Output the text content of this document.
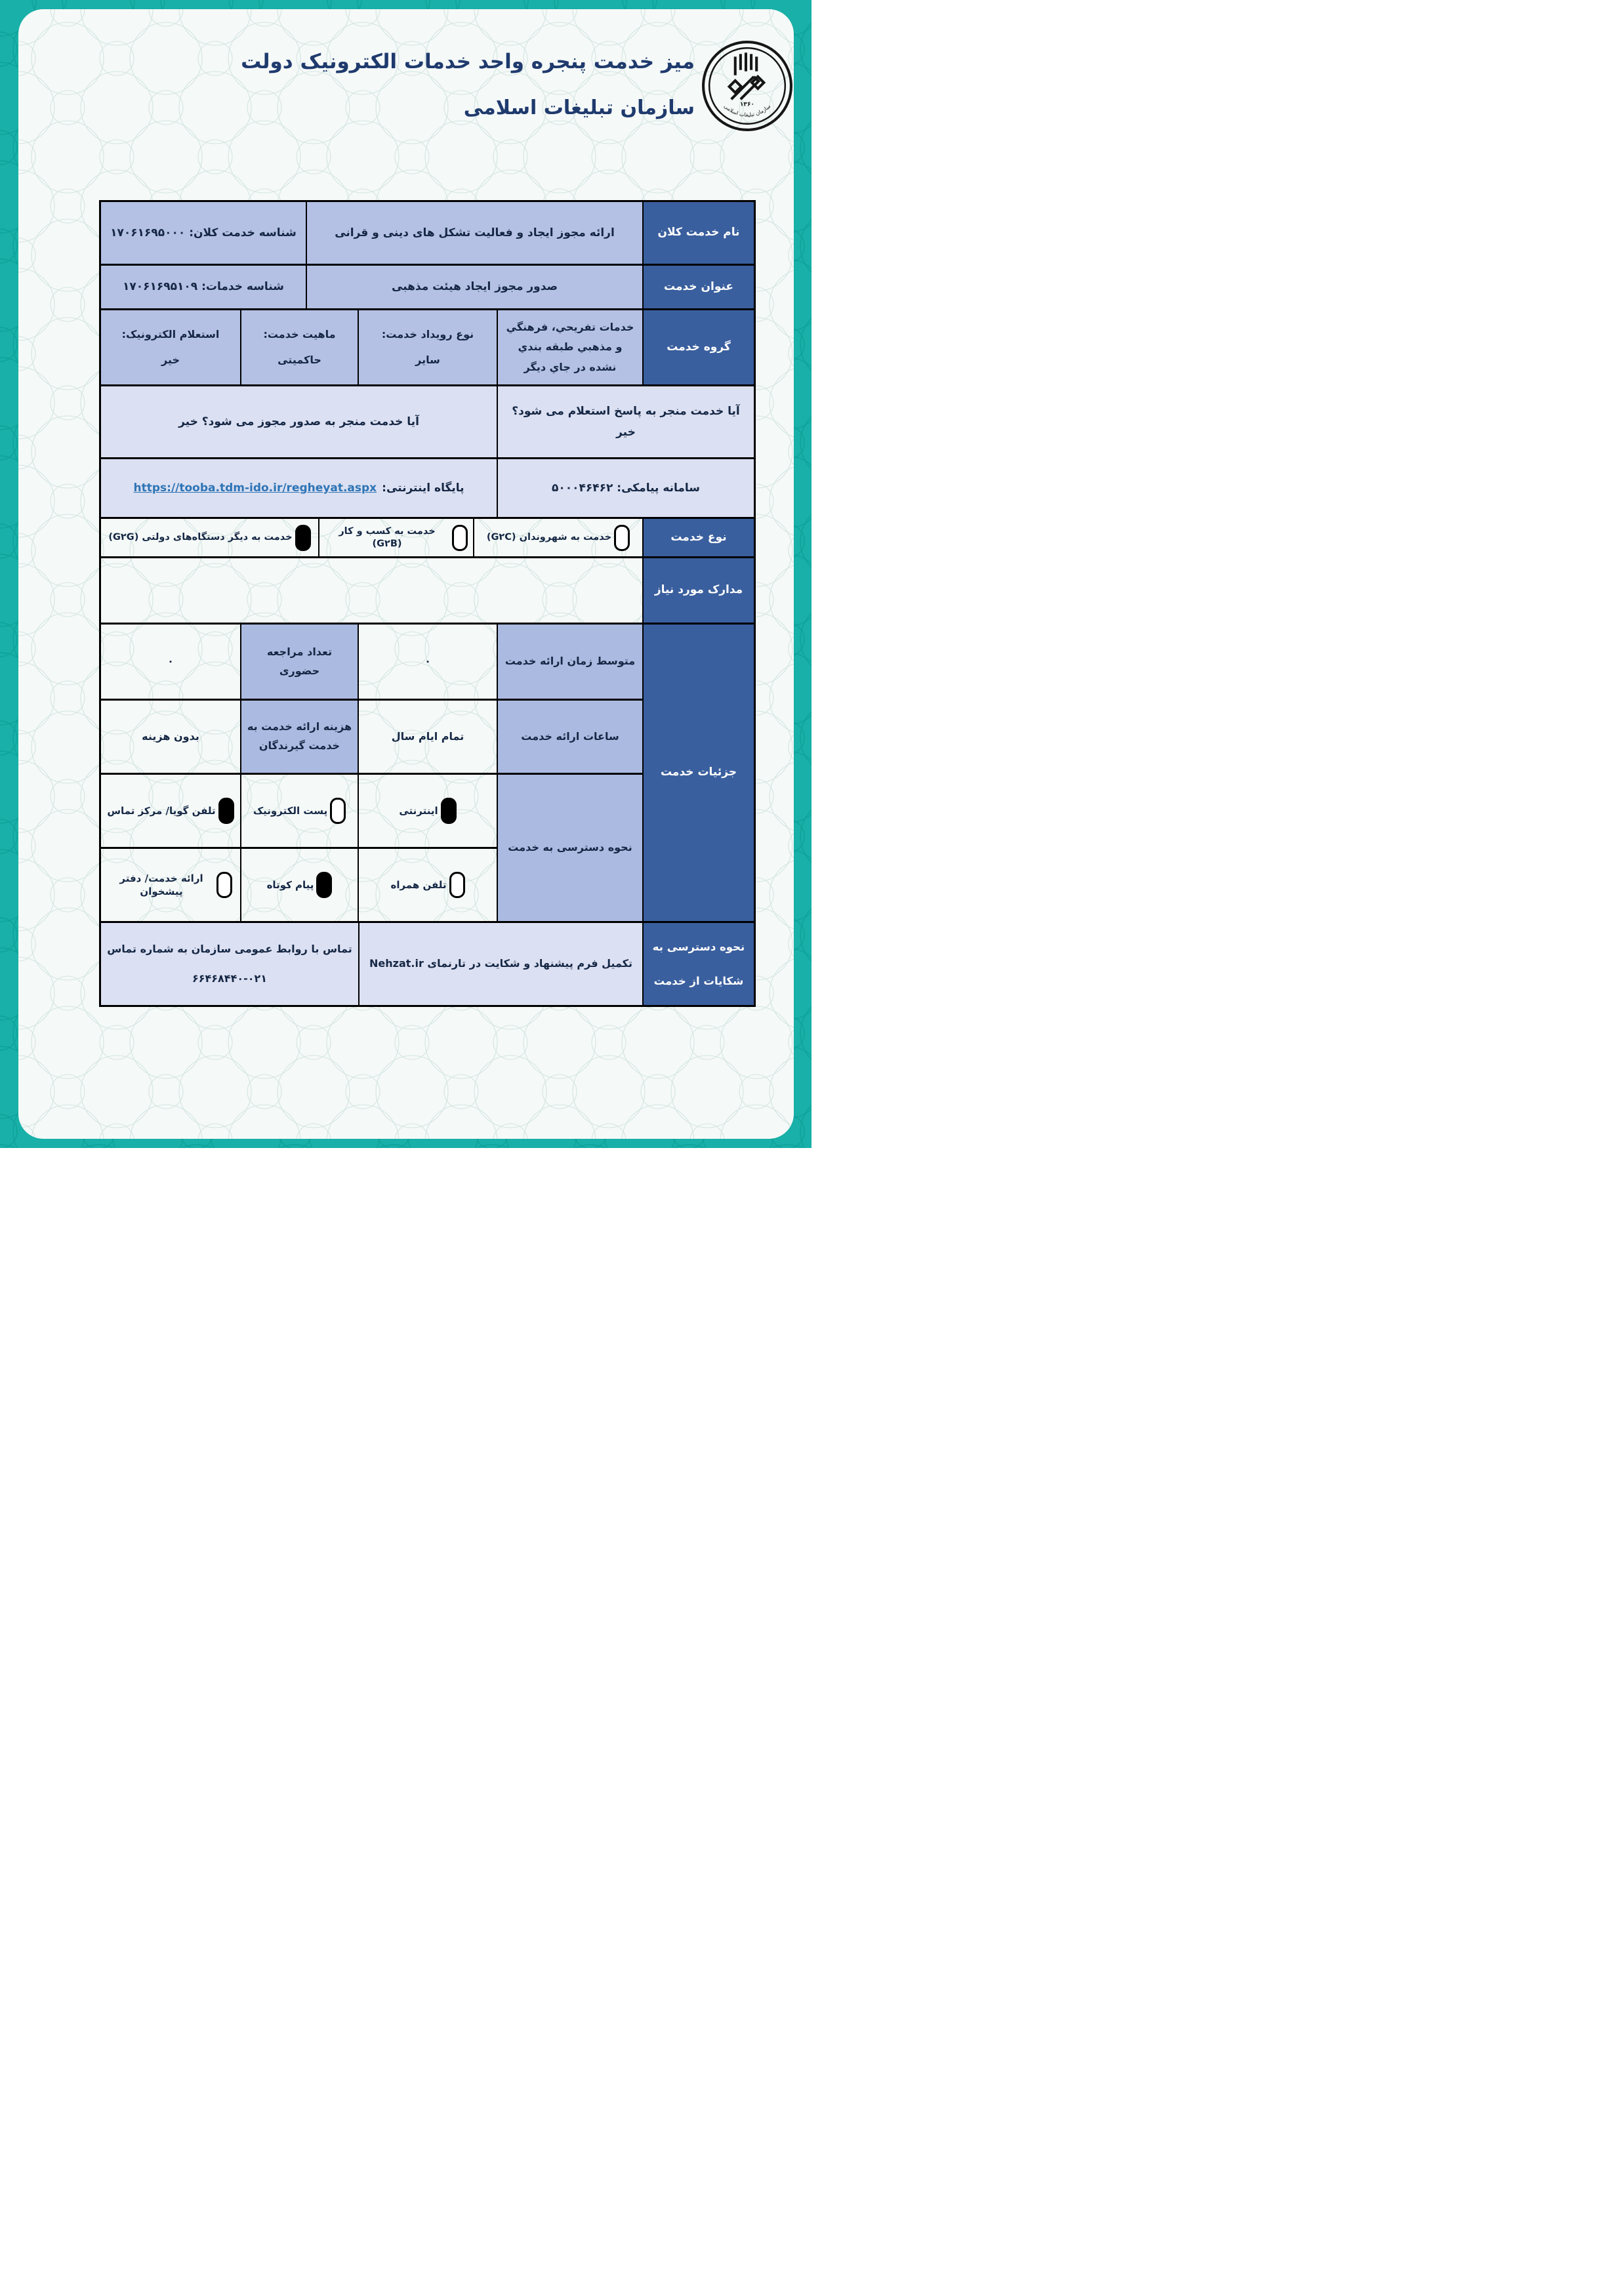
میز خدمت پنجره واحد خدمات الکترونیک دولت
سازمان تبلیغات اسلامی	۱۳۶۰
سازمان تبلیغات اسلامی
نام خدمت کلان
ارائه مجوز ایجاد و فعالیت تشکل های دینی و قرانی
شناسه خدمت کلان: ۱۷۰۶۱۶۹۵۰۰۰
عنوان خدمت
صدور مجوز ایجاد هیئت مذهبی
شناسه خدمات: ۱۷۰۶۱۶۹۵۱۰۹
گروه خدمت
خدمات تفریحي، فرهنگي و مذهبي طبقه بندي نشده در جاي دیگر
نوع رویداد خدمت:
سایر
ماهیت خدمت:
حاکمیتی
استعلام الکترونیک:
خیر
آیا خدمت منجر به پاسخ استعلام می شود؟ خیر
آیا خدمت منجر به صدور مجوز می شود؟ خیر
سامانه پیامکی: ۵۰۰۰۴۶۴۶۲
پایگاه اینترنتی:
https://tooba.tdm-ido.ir/regheyat.aspx
نوع خدمت
خدمت به شهروندان (G۲C)
خدمت به کسب و کار (G۲B)
خدمت به دیگر دستگاه‌های دولتی (G۲G)
مدارک مورد نیاز
جزئیات خدمت
متوسط زمان ارائه خدمت
۰
تعداد مراجعه حضوری
۰
ساعات ارائه خدمت
تمام ایام سال
هزینه ارائه خدمت به خدمت گیرندگان
بدون هزینه
نحوه دسترسی به خدمت
اینترنتی
پست الکترونیک
تلفن گویا/ مرکز تماس
تلفن همراه
پیام کوتاه
ارائه خدمت/ دفتر پیشخوان
نحوه دسترسی به شکایات از خدمت
تکمیل فرم پیشنهاد و شکایت در تارنمای Nehzat.ir
تماس با روابط عمومی سازمان به شماره تماس
۶۶۴۶۸۴۴۰-۰۲۱
